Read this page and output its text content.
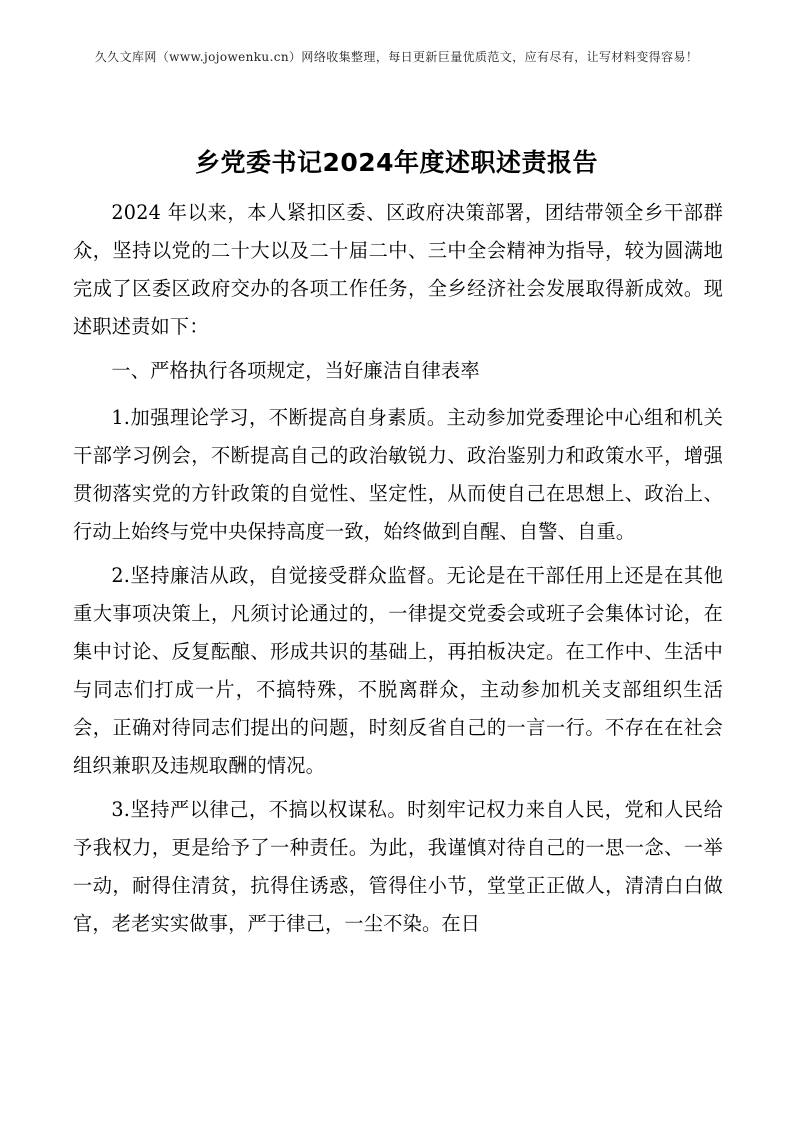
久久文库网（www.jojowenku.cn）网络收集整理，每日更新巨量优质范文，应有尽有，让写材料变得容易！
乡党委书记2024年度述职述责报告

2024 年以来，本人紧扣区委、区政府决策部署，团结带领全乡干部群众，坚持以党的二十大以及二十届二中、三中全会精神为指导，较为圆满地完成了区委区政府交办的各项工作任务，全乡经济社会发展取得新成效。现述职述责如下：

一、严格执行各项规定，当好廉洁自律表率

1.加强理论学习，不断提高自身素质。主动参加党委理论中心组和机关干部学习例会，不断提高自己的政治敏锐力、政治鉴别力和政策水平，增强贯彻落实党的方针政策的自觉性、坚定性，从而使自己在思想上、政治上、行动上始终与党中央保持高度一致，始终做到自醒、自警、自重。

2.坚持廉洁从政，自觉接受群众监督。无论是在干部任用上还是在其他重大事项决策上，凡须讨论通过的，一律提交党委会或班子会集体讨论，在集中讨论、反复酝酿、形成共识的基础上，再拍板决定。在工作中、生活中与同志们打成一片，不搞特殊，不脱离群众，主动参加机关支部组织生活会，正确对待同志们提出的问题，时刻反省自己的一言一行。不存在在社会组织兼职及违规取酬的情况。

3.坚持严以律己，不搞以权谋私。时刻牢记权力来自人民，党和人民给予我权力，更是给予了一种责任。为此，我谨慎对待自己的一思一念、一举一动，耐得住清贫，抗得住诱惑，管得住小节，堂堂正正做人，清清白白做官，老老实实做事，严于律己，一尘不染。在日
